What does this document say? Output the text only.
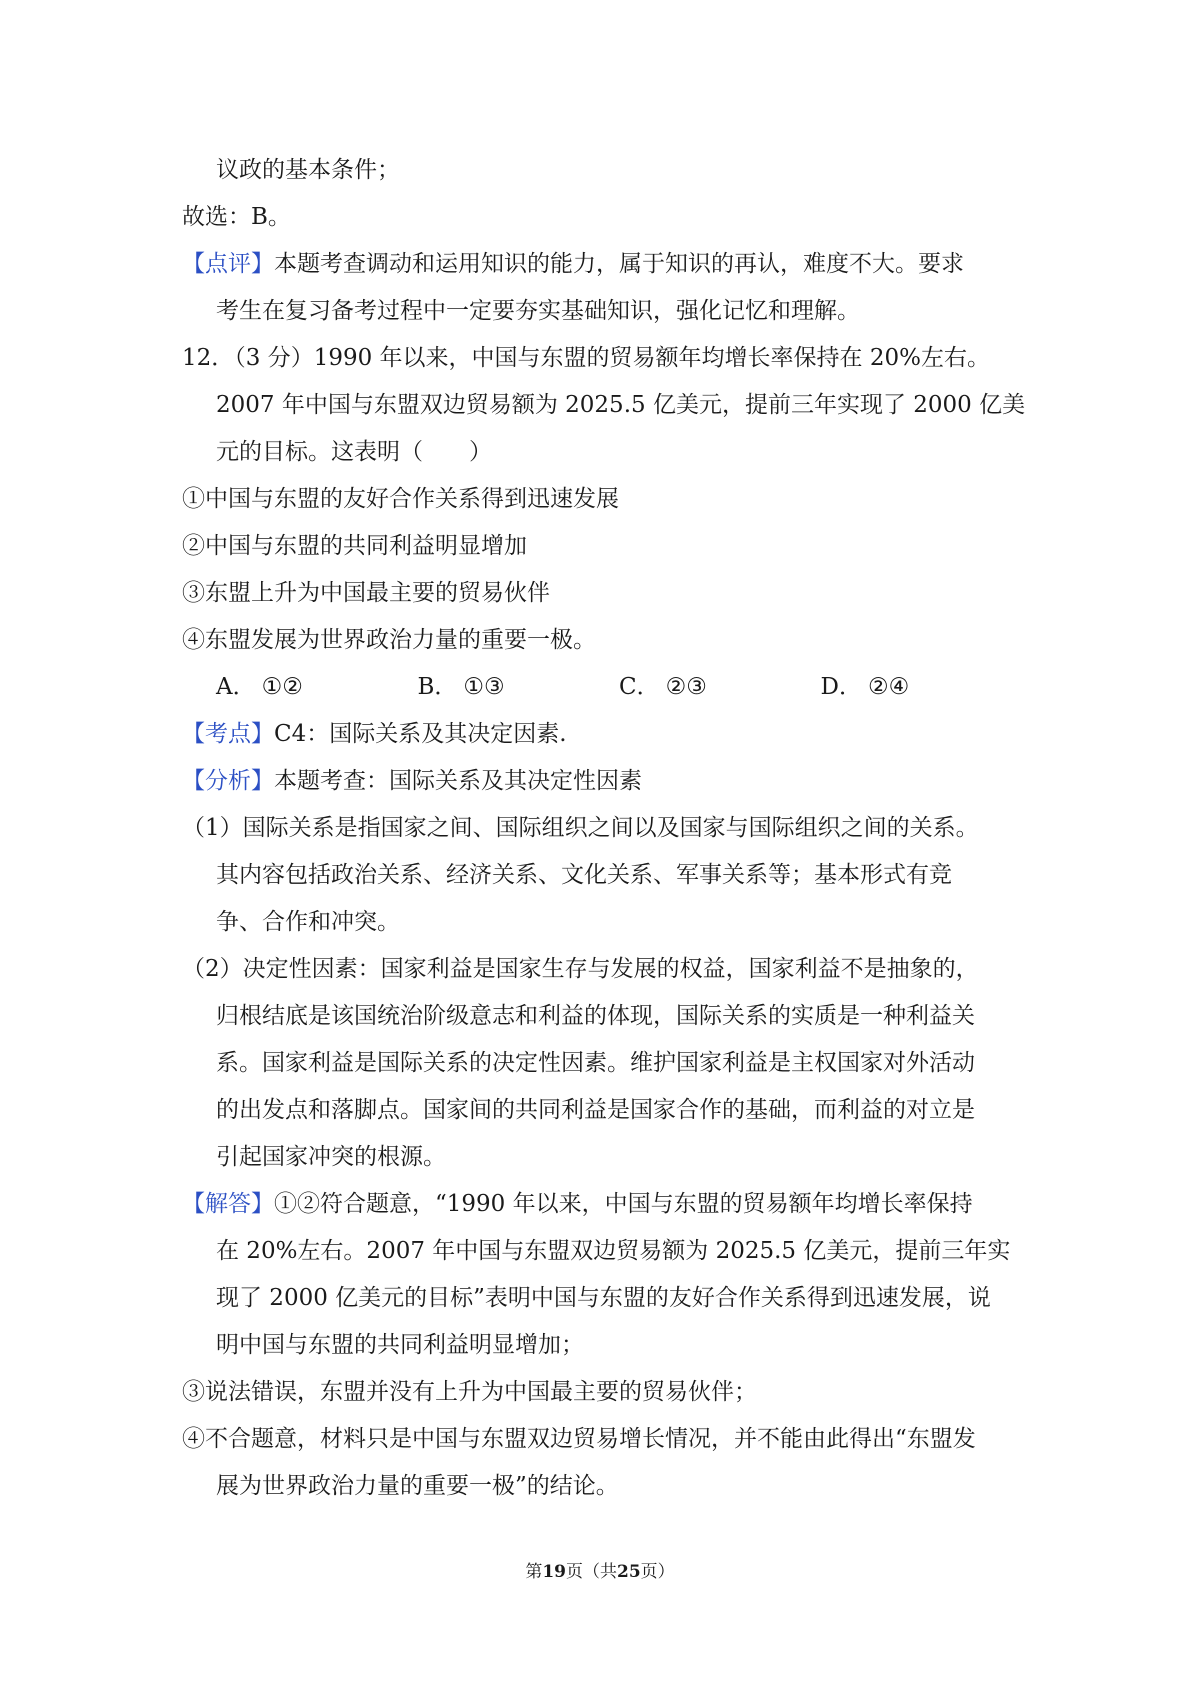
议政的基本条件；
故选：B。
【点评】本题考查调动和运用知识的能力，属于知识的再认，难度不大。要求
考生在复习备考过程中一定要夯实基础知识，强化记忆和理解。
12．（3 分）1990 年以来，中国与东盟的贸易额年均增长率保持在 20%左右。
2007 年中国与东盟双边贸易额为 2025.5 亿美元，提前三年实现了 2000 亿美
元的目标。这表明（　　）
①中国与东盟的友好合作关系得到迅速发展
②中国与东盟的共同利益明显增加
③东盟上升为中国最主要的贸易伙伴
④东盟发展为世界政治力量的重要一极。
A． ①②	B． ①③	C． ②③	D． ②④
【考点】C4：国际关系及其决定因素.
【分析】本题考查：国际关系及其决定性因素
（1）国际关系是指国家之间、国际组织之间以及国家与国际组织之间的关系。
其内容包括政治关系、经济关系、文化关系、军事关系等；基本形式有竞
争、合作和冲突。
（2）决定性因素：国家利益是国家生存与发展的权益，国家利益不是抽象的，
归根结底是该国统治阶级意志和利益的体现，国际关系的实质是一种利益关
系。国家利益是国际关系的决定性因素。维护国家利益是主权国家对外活动
的出发点和落脚点。国家间的共同利益是国家合作的基础，而利益的对立是
引起国家冲突的根源。
【解答】①②符合题意，“1990 年以来，中国与东盟的贸易额年均增长率保持
在 20%左右。2007 年中国与东盟双边贸易额为 2025.5 亿美元，提前三年实
现了 2000 亿美元的目标”表明中国与东盟的友好合作关系得到迅速发展，说
明中国与东盟的共同利益明显增加；
③说法错误，东盟并没有上升为中国最主要的贸易伙伴；
④不合题意，材料只是中国与东盟双边贸易增长情况，并不能由此得出“东盟发
展为世界政治力量的重要一极”的结论。
第19页（共25页）
